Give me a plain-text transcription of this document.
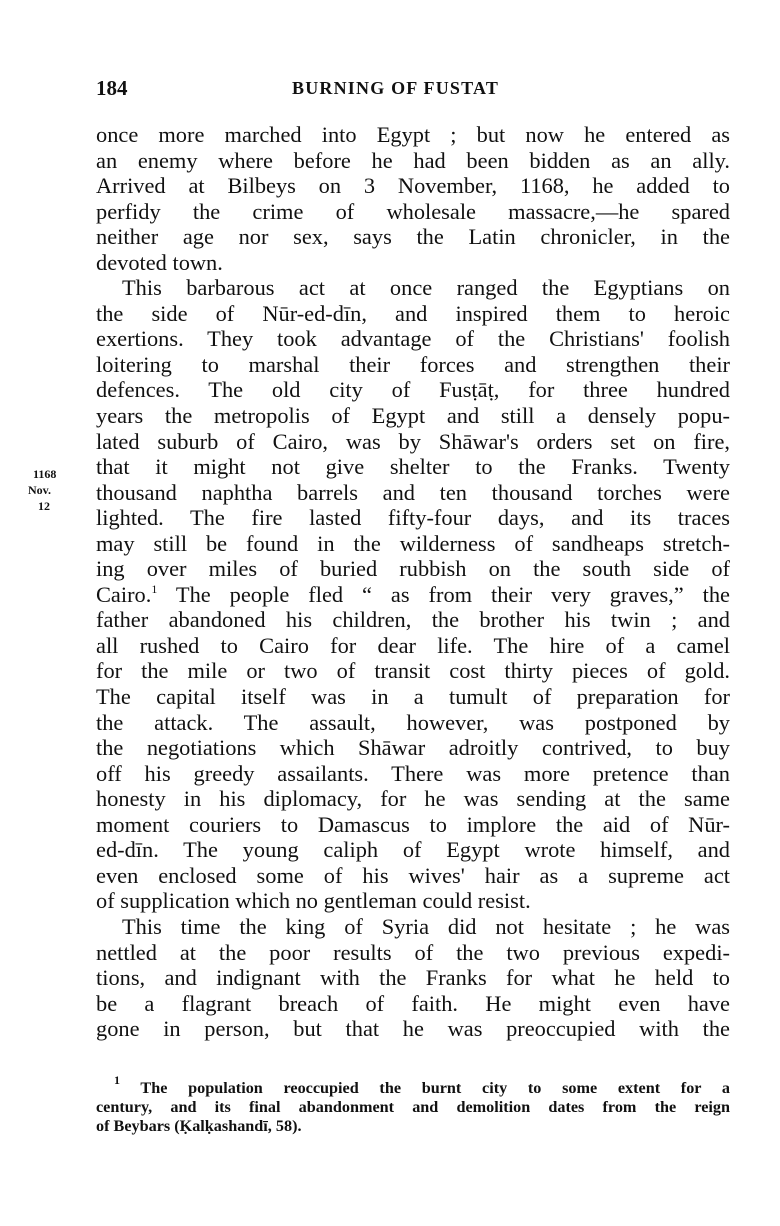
184	BURNING OF FUSTAT
1168
Nov.
12
once more marched into Egypt ; but now he entered as
an enemy where before he had been bidden as an ally.
Arrived at Bilbeys on 3 November, 1168, he added to
perfidy the crime of wholesale massacre,—he spared
neither age nor sex, says the Latin chronicler, in the
devoted town.
This barbarous act at once ranged the Egyptians on
the side of Nūr-ed-dīn, and inspired them to heroic
exertions. They took advantage of the Christians' foolish
loitering to marshal their forces and strengthen their
defences. The old city of Fusṭāṭ, for three hundred
years the metropolis of Egypt and still a densely popu-
lated suburb of Cairo, was by Shāwar's orders set on fire,
that it might not give shelter to the Franks. Twenty
thousand naphtha barrels and ten thousand torches were
lighted. The fire lasted fifty-four days, and its traces
may still be found in the wilderness of sandheaps stretch-
ing over miles of buried rubbish on the south side of
Cairo.$^1$ The people fled “ as from their very graves,” the
father abandoned his children, the brother his twin ; and
all rushed to Cairo for dear life. The hire of a camel
for the mile or two of transit cost thirty pieces of gold.
The capital itself was in a tumult of preparation for
the attack. The assault, however, was postponed by
the negotiations which Shāwar adroitly contrived, to buy
off his greedy assailants. There was more pretence than
honesty in his diplomacy, for he was sending at the same
moment couriers to Damascus to implore the aid of Nūr-
ed-dīn. The young caliph of Egypt wrote himself, and
even enclosed some of his wives' hair as a supreme act
of supplication which no gentleman could resist.
This time the king of Syria did not hesitate ; he was
nettled at the poor results of the two previous expedi-
tions, and indignant with the Franks for what he held to
be a flagrant breach of faith. He might even have
gone in person, but that he was preoccupied with the
$^1$ The population reoccupied the burnt city to some extent for a
century, and its final abandonment and demolition dates from the reign
of Beybars (Ḳalḳashandī, 58).
